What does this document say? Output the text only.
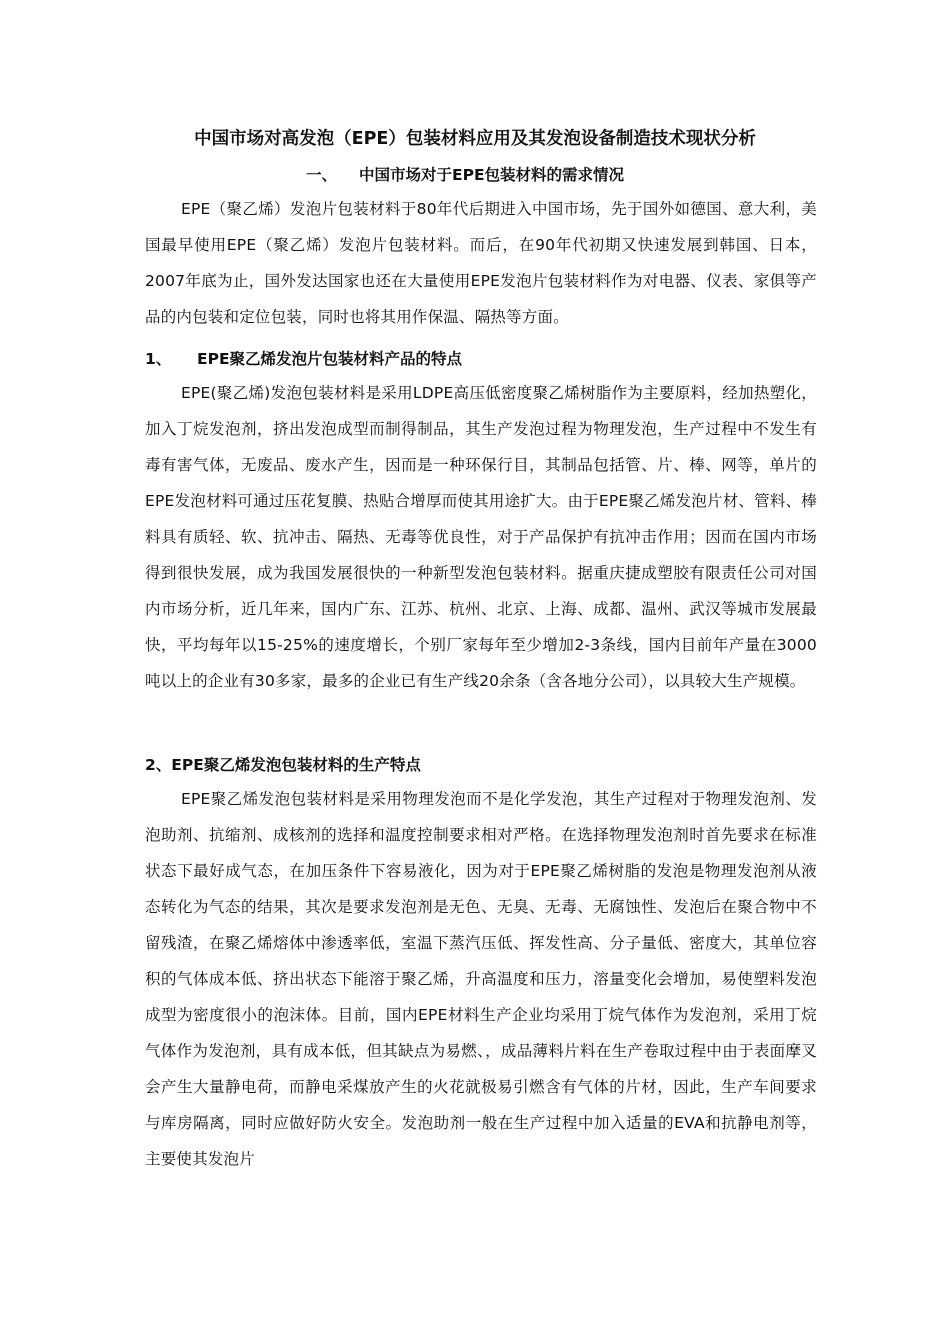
中国市场对高发泡（EPE）包装材料应用及其发泡设备制造技术现状分析
一、 中国市场对于EPE包装材料的需求情况
EPE（聚乙烯）发泡片包装材料于80年代后期进入中国市场，先于国外如德国、意大利，美国最早使用EPE（聚乙烯）发泡片包装材料。而后，在90年代初期又快速发展到韩国、日本，2007年底为止，国外发达国家也还在大量使用EPE发泡片包装材料作为对电器、仪表、家俱等产品的内包装和定位包装，同时也将其用作保温、隔热等方面。
1、 EPE聚乙烯发泡片包装材料产品的特点
EPE(聚乙烯)发泡包装材料是采用LDPE高压低密度聚乙烯树脂作为主要原料，经加热塑化，加入丁烷发泡剂，挤出发泡成型而制得制品，其生产发泡过程为物理发泡，生产过程中不发生有毒有害气体，无废品、废水产生，因而是一种环保行目，其制品包括管、片、棒、网等，单片的EPE发泡材料可通过压花复膜、热贴合增厚而使其用途扩大。由于EPE聚乙烯发泡片材、管料、棒料具有质轻、软、抗冲击、隔热、无毒等优良性，对于产品保护有抗冲击作用；因而在国内市场得到很快发展，成为我国发展很快的一种新型发泡包装材料。据重庆捷成塑胶有限责任公司对国内市场分析，近几年来，国内广东、江苏、杭州、北京、上海、成都、温州、武汉等城市发展最快，平均每年以15-25%的速度增长，个别厂家每年至少增加2-3条线，国内目前年产量在3000吨以上的企业有30多家，最多的企业已有生产线20余条（含各地分公司），以具较大生产规模。
2、EPE聚乙烯发泡包装材料的生产特点
EPE聚乙烯发泡包装材料是采用物理发泡而不是化学发泡，其生产过程对于物理发泡剂、发泡助剂、抗缩剂、成核剂的选择和温度控制要求相对严格。在选择物理发泡剂时首先要求在标准状态下最好成气态，在加压条件下容易液化，因为对于EPE聚乙烯树脂的发泡是物理发泡剂从液态转化为气态的结果，其次是要求发泡剂是无色、无臭、无毒、无腐蚀性、发泡后在聚合物中不留残渣，在聚乙烯熔体中渗透率低，室温下蒸汽压低、挥发性高、分子量低、密度大，其单位容积的气体成本低、挤出状态下能溶于聚乙烯，升高温度和压力，溶量变化会增加，易使塑料发泡成型为密度很小的泡沫体。目前，国内EPE材料生产企业均采用丁烷气体作为发泡剂，采用丁烷气体作为发泡剂，具有成本低，但其缺点为易燃、，成品薄料片料在生产卷取过程中由于表面摩叉会产生大量静电荷，而静电采煤放产生的火花就极易引燃含有气体的片材，因此，生产车间要求与库房隔离，同时应做好防火安全。发泡助剂一般在生产过程中加入适量的EVA和抗静电剂等，主要使其发泡片
